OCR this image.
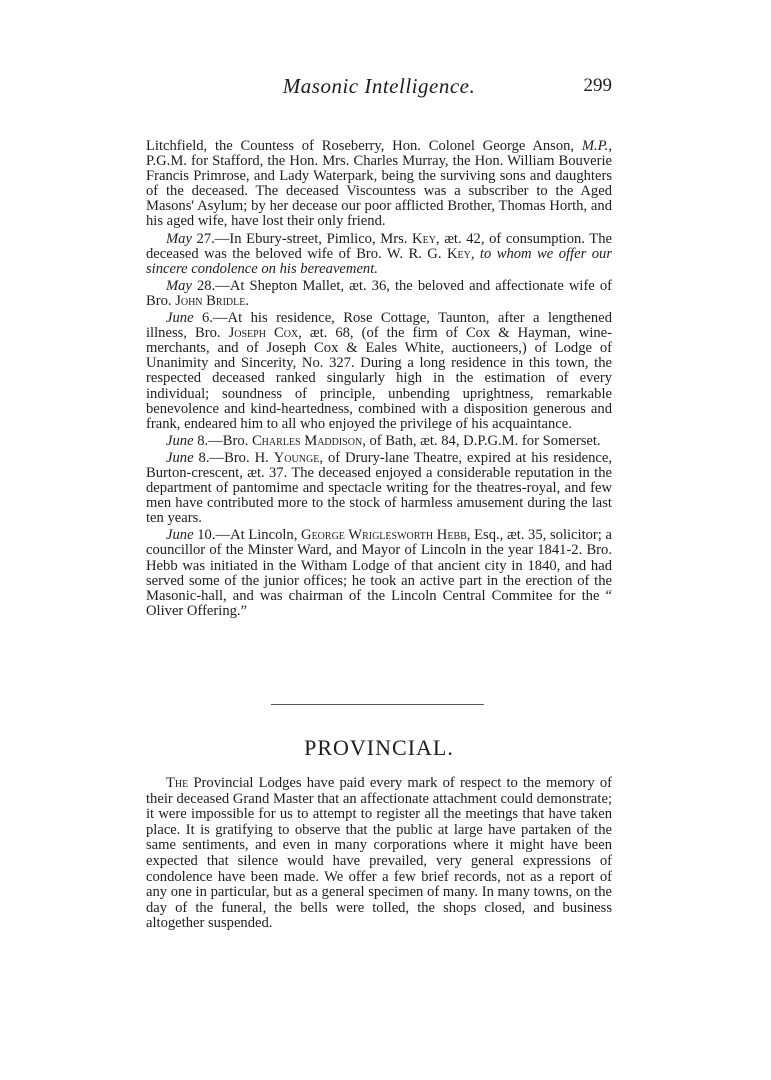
Masonic Intelligence.	299

Litchfield, the Countess of Roseberry, Hon. Colonel George Anson, M.P., P.G.M. for Stafford, the Hon. Mrs. Charles Murray, the Hon. William Bouverie Francis Primrose, and Lady Waterpark, being the surviving sons and daughters of the deceased. The deceased Viscountess was a subscriber to the Aged Masons' Asylum; by her decease our poor afflicted Brother, Thomas Horth, and his aged wife, have lost their only friend.

May 27.—In Ebury-street, Pimlico, Mrs. Key, æt. 42, of consumption. The deceased was the beloved wife of Bro. W. R. G. Key, to whom we offer our sincere condolence on his bereavement.

May 28.—At Shepton Mallet, æt. 36, the beloved and affectionate wife of Bro. John Bridle.

June 6.—At his residence, Rose Cottage, Taunton, after a lengthened illness, Bro. Joseph Cox, æt. 68, (of the firm of Cox & Hayman, wine-merchants, and of Joseph Cox & Eales White, auctioneers,) of Lodge of Unanimity and Sincerity, No. 327. During a long residence in this town, the respected deceased ranked singularly high in the estimation of every individual; soundness of principle, unbending uprightness, remarkable benevolence and kind-heartedness, combined with a disposition generous and frank, endeared him to all who enjoyed the privilege of his acquaintance.

June 8.—Bro. Charles Maddison, of Bath, æt. 84, D.P.G.M. for Somerset.

June 8.—Bro. H. Younge, of Drury-lane Theatre, expired at his residence, Burton-crescent, æt. 37. The deceased enjoyed a considerable reputation in the department of pantomime and spectacle writing for the theatres-royal, and few men have contributed more to the stock of harmless amusement during the last ten years.

June 10.—At Lincoln, George Wriglesworth Hebb, Esq., æt. 35, solicitor; a councillor of the Minster Ward, and Mayor of Lincoln in the year 1841-2. Bro. Hebb was initiated in the Witham Lodge of that ancient city in 1840, and had served some of the junior offices; he took an active part in the erection of the Masonic-hall, and was chairman of the Lincoln Central Commitee for the “ Oliver Offering.”

PROVINCIAL.

The Provincial Lodges have paid every mark of respect to the memory of their deceased Grand Master that an affectionate attachment could demonstrate; it were impossible for us to attempt to register all the meetings that have taken place. It is gratifying to observe that the public at large have partaken of the same sentiments, and even in many corporations where it might have been expected that silence would have prevailed, very general expressions of condolence have been made. We offer a few brief records, not as a report of any one in particular, but as a general specimen of many. In many towns, on the day of the funeral, the bells were tolled, the shops closed, and business altogether suspended.
